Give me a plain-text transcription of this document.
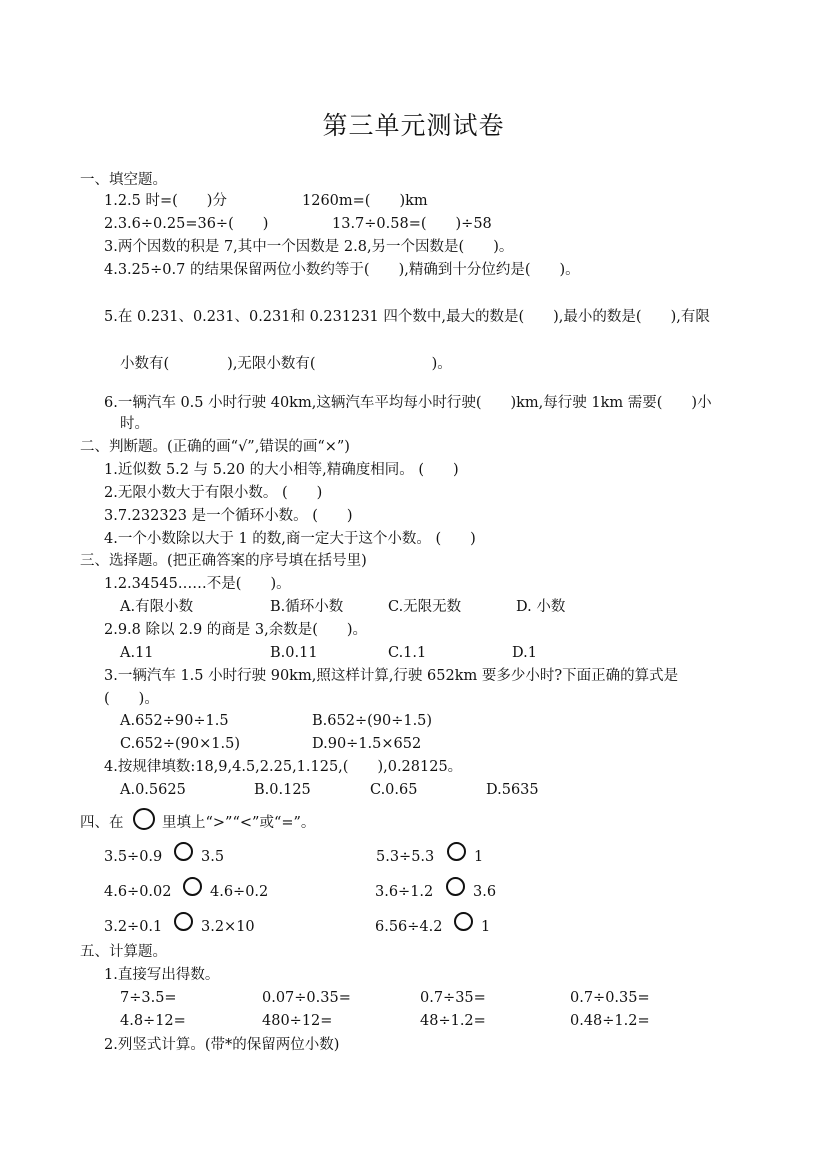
第三单元测试卷
一、填空题。
1.2.5 时=(　　)分	1260m=(　　)km
2.3.6÷0.25=36÷(　　)	13.7÷0.58=(　　)÷58
3.两个因数的积是 7,其中一个因数是 2.8,另一个因数是(　　)。
4.3.25÷0.7 的结果保留两位小数约等于(　　),精确到十分位约是(　　)。
5.在 0.231、0.231、0.231和 0.231231 四个数中,最大的数是(　　),最小的数是(　　),有限
小数有(　　　　),无限小数有(　　　　　　　　)。
6.一辆汽车 0.5 小时行驶 40km,这辆汽车平均每小时行驶(　　)km,每行驶 1km 需要(　　)小
时。
二、判断题。(正确的画“√”,错误的画“×”)
1.近似数 5.2 与 5.20 的大小相等,精确度相同。 (　　)
2.无限小数大于有限小数。 (　　)
3.7.232323 是一个循环小数。 (　　)
4.一个小数除以大于 1 的数,商一定大于这个小数。 (　　)
三、选择题。(把正确答案的序号填在括号里)
1.2.34545……不是(　　)。
A.有限小数	B.循环小数	C.无限无数	D. 小数
2.9.8 除以 2.9 的商是 3,余数是(　　)。
A.11	B.0.11	C.1.1	D.1
3.一辆汽车 1.5 小时行驶 90km,照这样计算,行驶 652km 要多少小时?下面正确的算式是
(　　)。
A.652÷90÷1.5	B.652÷(90÷1.5)
C.652÷(90×1.5)	D.90÷1.5×652
4.按规律填数:18,9,4.5,2.25,1.125,(　　),0.28125。
A.0.5625	B.0.125	C.0.65	D.5635
四、在	里填上“>”“<”或“=”。
3.5÷0.9	3.5	5.3÷5.3	1
4.6÷0.02	4.6÷0.2	3.6÷1.2	3.6
3.2÷0.1	3.2×10	6.56÷4.2	1
五、计算题。
1.直接写出得数。
7÷3.5=	0.07÷0.35=	0.7÷35=	0.7÷0.35=
4.8÷12=	480÷12=	48÷1.2=	0.48÷1.2=
2.列竖式计算。(带*的保留两位小数)
